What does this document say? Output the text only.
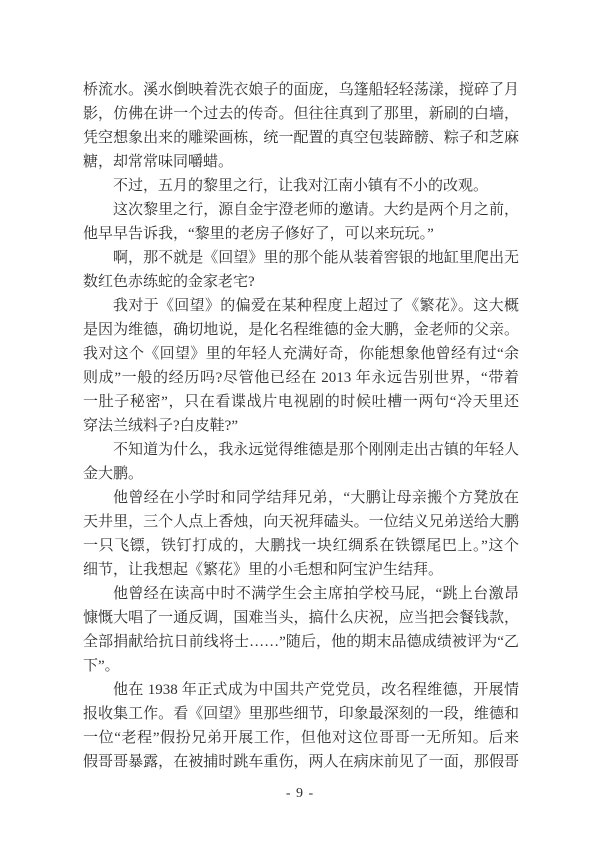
桥流水。溪水倒映着洗衣娘子的面庞，乌篷船轻轻荡漾，搅碎了月
影，仿佛在讲一个过去的传奇。但往往真到了那里，新刷的白墙，
凭空想象出来的雕梁画栋，统一配置的真空包装蹄髈、粽子和芝麻
糖，却常常味同嚼蜡。
不过，五月的黎里之行，让我对江南小镇有不小的改观。
这次黎里之行，源自金宇澄老师的邀请。大约是两个月之前，
他早早告诉我，“黎里的老房子修好了，可以来玩玩。”
啊，那不就是《回望》里的那个能从装着窖银的地缸里爬出无
数红色赤练蛇的金家老宅?
我对于《回望》的偏爱在某种程度上超过了《繁花》。这大概
是因为维德，确切地说，是化名程维德的金大鹏，金老师的父亲。
我对这个《回望》里的年轻人充满好奇，你能想象他曾经有过“余
则成”一般的经历吗?尽管他已经在 2013 年永远告别世界，“带着
一肚子秘密”，只在看谍战片电视剧的时候吐槽一两句“冷天里还
穿法兰绒料子?白皮鞋?”
不知道为什么，我永远觉得维德是那个刚刚走出古镇的年轻人
金大鹏。
他曾经在小学时和同学结拜兄弟，“大鹏让母亲搬个方凳放在
天井里，三个人点上香烛，向天祝拜磕头。一位结义兄弟送给大鹏
一只飞镖，铁钉打成的，大鹏找一块红绸系在铁镖尾巴上。”这个
细节，让我想起《繁花》里的小毛想和阿宝沪生结拜。
他曾经在读高中时不满学生会主席拍学校马屁，“跳上台激昂
慷慨大唱了一通反调，国难当头，搞什么庆祝，应当把会餐钱款，
全部捐献给抗日前线将士……”随后，他的期末品德成绩被评为“乙
下”。
他在 1938 年正式成为中国共产党党员，改名程维德，开展情
报收集工作。看《回望》里那些细节，印象最深刻的一段，维德和
一位“老程”假扮兄弟开展工作，但他对这位哥哥一无所知。后来
假哥哥暴露，在被捕时跳车重伤，两人在病床前见了一面，那假哥
- 9 -
